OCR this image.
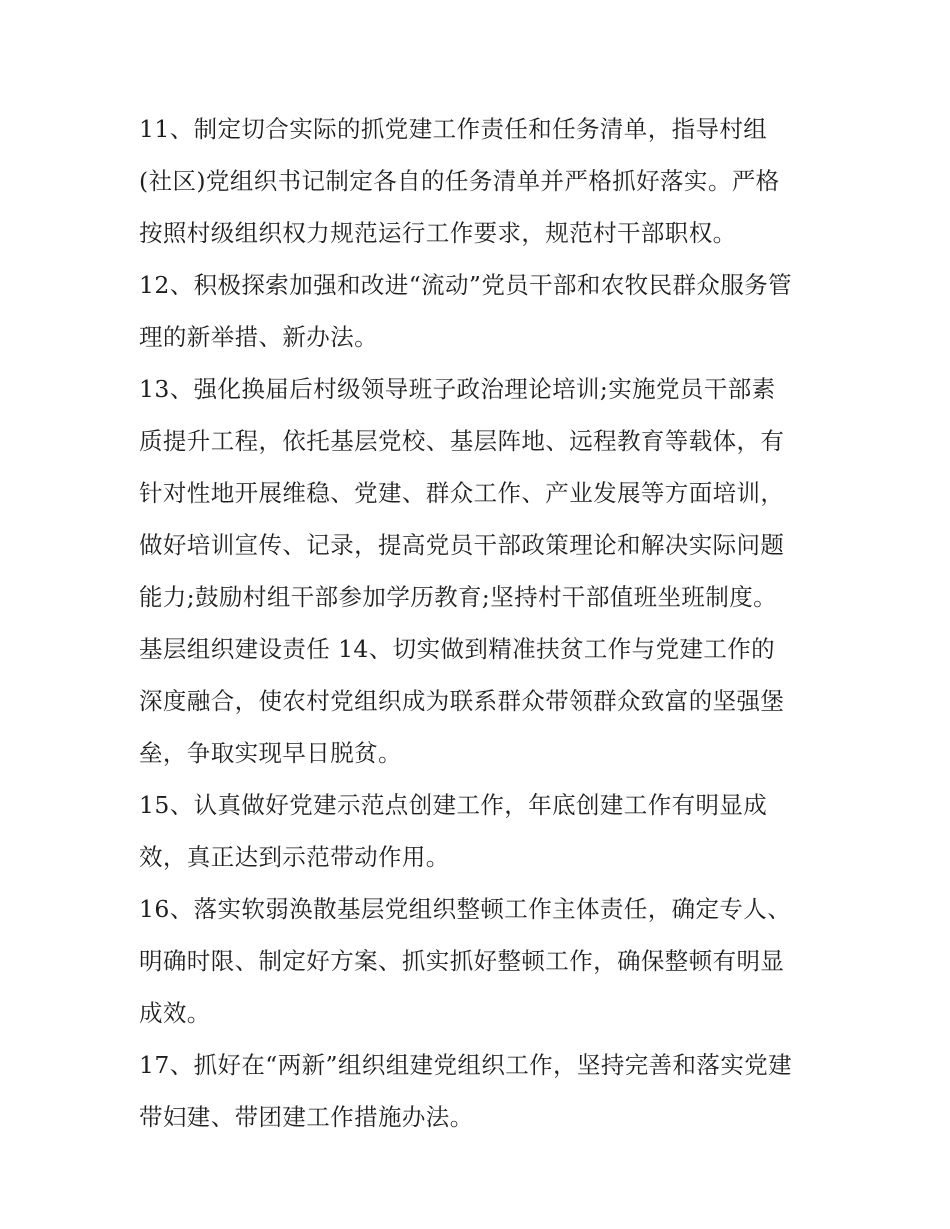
11、制定切合实际的抓党建工作责任和任务清单，指导村组
(社区)党组织书记制定各自的任务清单并严格抓好落实。严格
按照村级组织权力规范运行工作要求，规范村干部职权。
12、积极探索加强和改进“流动”党员干部和农牧民群众服务管
理的新举措、新办法。
13、强化换届后村级领导班子政治理论培训;实施党员干部素
质提升工程，依托基层党校、基层阵地、远程教育等载体，有
针对性地开展维稳、党建、群众工作、产业发展等方面培训，
做好培训宣传、记录，提高党员干部政策理论和解决实际问题
能力;鼓励村组干部参加学历教育;坚持村干部值班坐班制度。
基层组织建设责任 14、切实做到精准扶贫工作与党建工作的
深度融合，使农村党组织成为联系群众带领群众致富的坚强堡
垒，争取实现早日脱贫。
15、认真做好党建示范点创建工作，年底创建工作有明显成
效，真正达到示范带动作用。
16、落实软弱涣散基层党组织整顿工作主体责任，确定专人、
明确时限、制定好方案、抓实抓好整顿工作，确保整顿有明显
成效。
17、抓好在“两新”组织组建党组织工作，坚持完善和落实党建
带妇建、带团建工作措施办法。
